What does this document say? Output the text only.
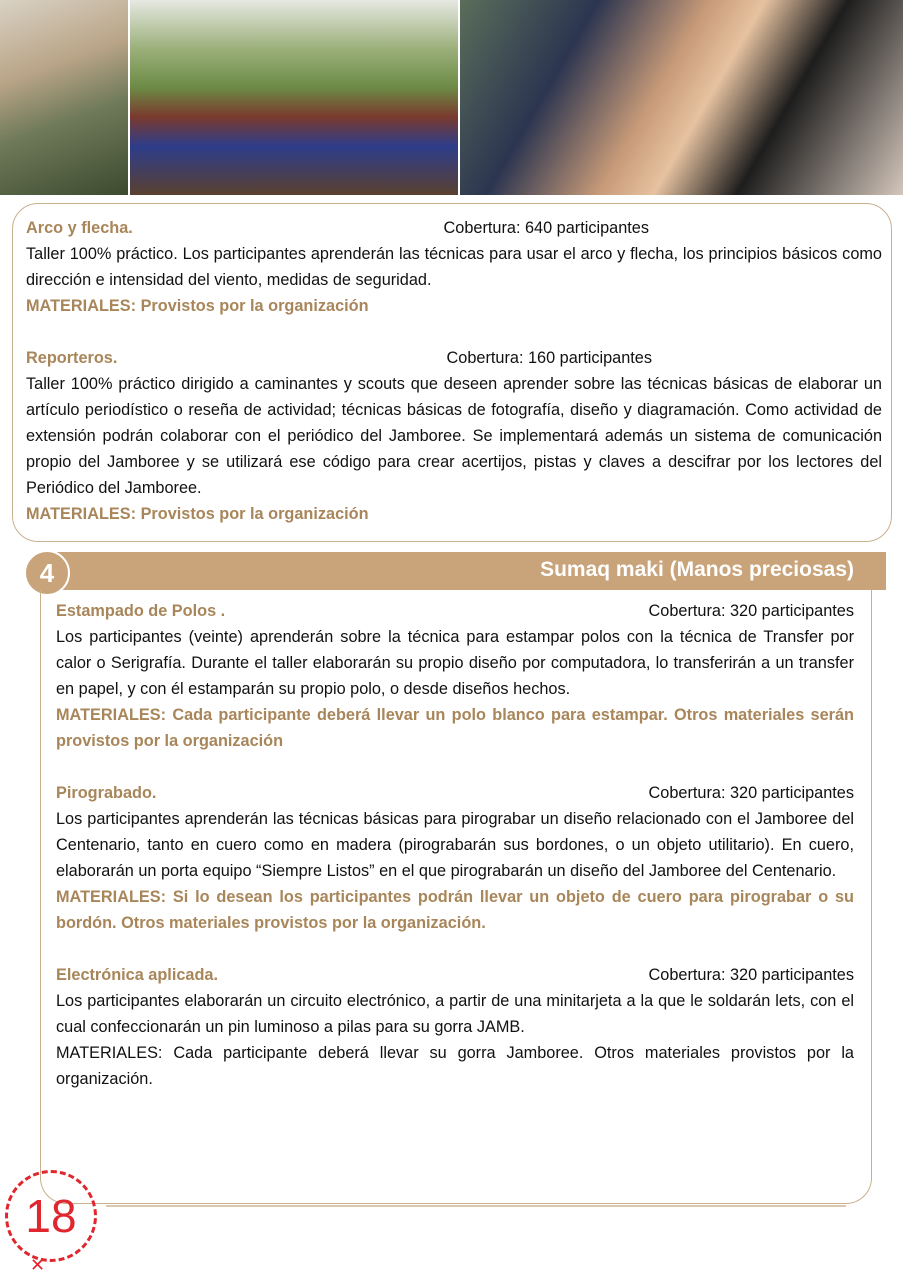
Arco y flecha.	Cobertura: 640 participantes
Taller 100% práctico. Los participantes aprenderán las técnicas para usar el arco y flecha, los principios básicos como dirección e intensidad del viento, medidas de seguridad.
MATERIALES: Provistos por la organización
Reporteros.	Cobertura: 160 participantes
Taller 100% práctico dirigido a caminantes y scouts que deseen aprender sobre las técnicas básicas de elaborar un artículo periodístico o reseña de actividad; técnicas básicas de fotografía, diseño y diagramación. Como actividad de extensión podrán colaborar con el periódico del Jamboree. Se implementará además un sistema de comunicación propio del Jamboree y se utilizará ese código para crear acertijos, pistas y claves a descifrar por los lectores del Periódico del Jamboree.
MATERIALES: Provistos por la organización
Sumaq maki (Manos preciosas)
4
Estampado de Polos .	Cobertura: 320 participantes
Los participantes (veinte) aprenderán sobre la técnica para estampar polos con la técnica de Transfer por calor o Serigrafía. Durante el taller elaborarán su propio diseño por computadora, lo transferirán a un transfer en papel, y con él estamparán su propio polo, o desde diseños hechos.
MATERIALES: Cada participante deberá llevar un polo blanco para estampar. Otros materiales serán provistos por la organización
Pirograbado.	Cobertura: 320 participantes
Los participantes aprenderán las técnicas básicas para pirograbar un diseño relacionado con el Jamboree del Centenario, tanto en cuero como en madera (pirograbarán sus bordones, o un objeto utilitario). En cuero, elaborarán un porta equipo “Siempre Listos” en el que pirograbarán un diseño del Jamboree del Centenario.
MATERIALES: Si lo desean los participantes podrán llevar un objeto de cuero para pirograbar o su bordón. Otros materiales provistos por la organización.
Electrónica aplicada.	Cobertura: 320 participantes
Los participantes elaborarán un circuito electrónico, a partir de una minitarjeta a la que le soldarán lets, con el cual confeccionarán un pin luminoso a pilas para su gorra JAMB.
MATERIALES: Cada participante deberá llevar su gorra Jamboree. Otros materiales provistos por la organización.
18
✕
